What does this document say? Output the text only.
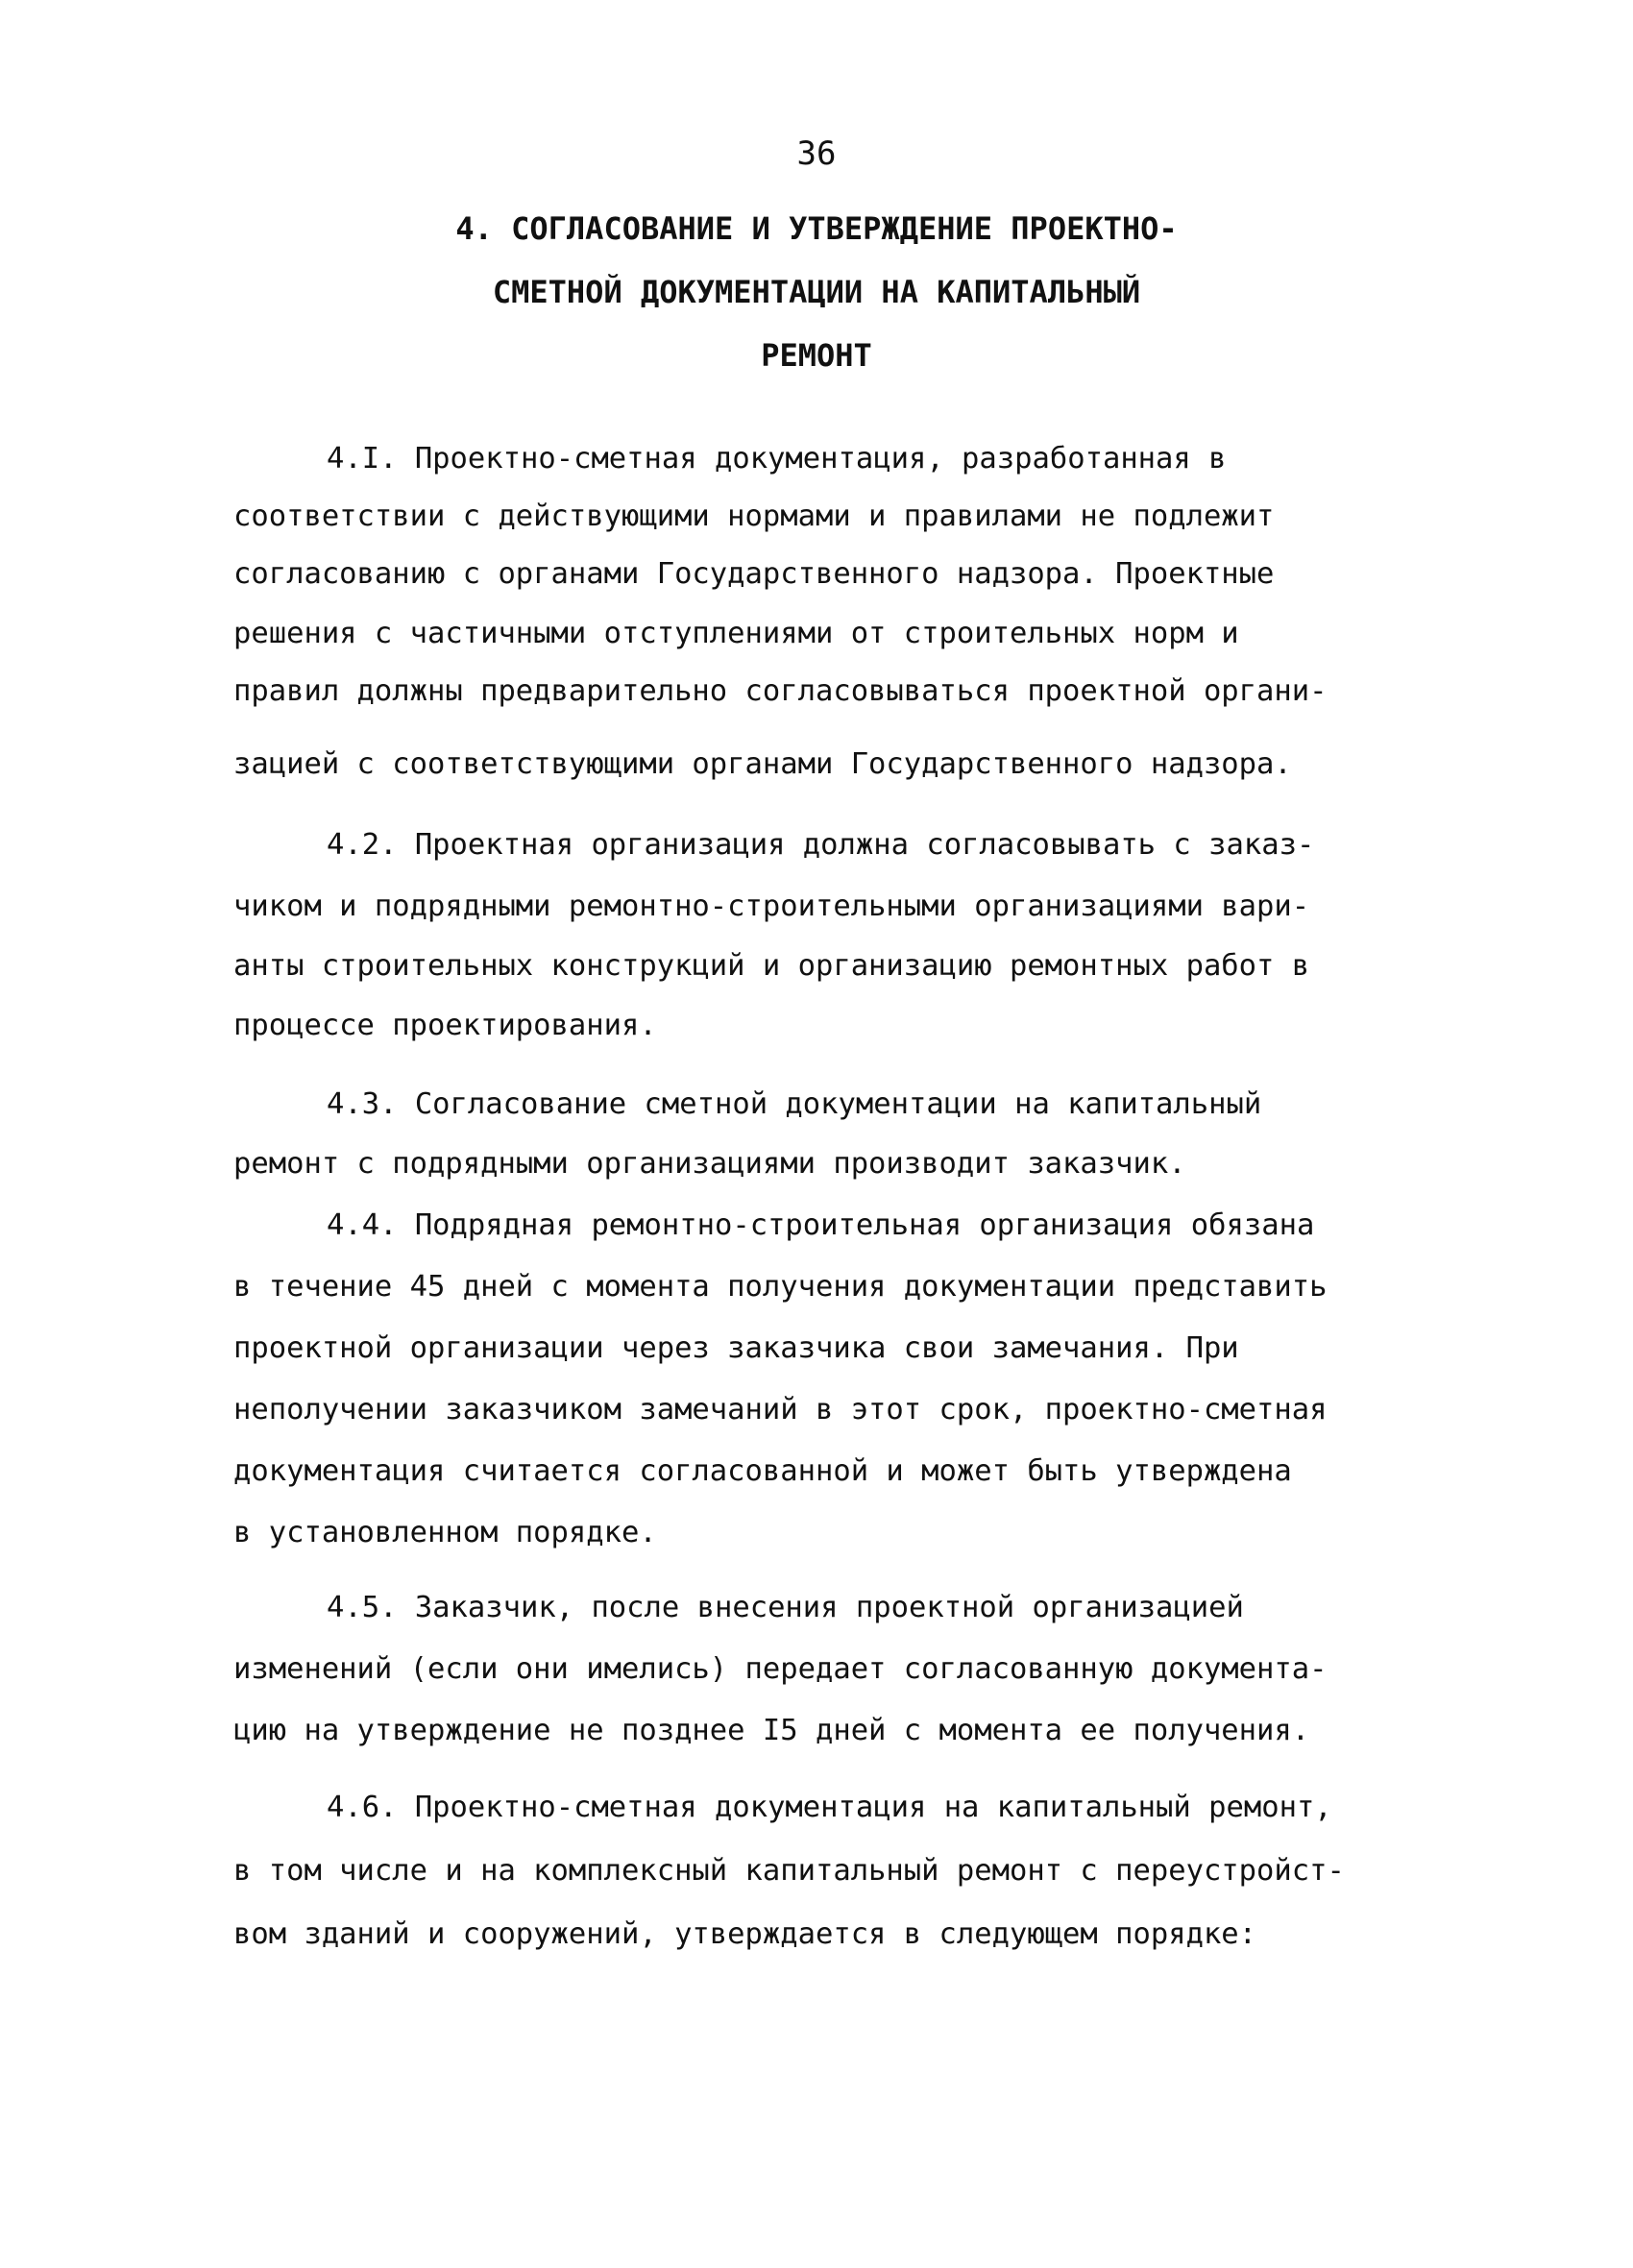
36
4. СОГЛАСОВАНИЕ И УТВЕРЖДЕНИЕ ПРОЕКТНО-
СМЕТНОЙ ДОКУМЕНТАЦИИ НА КАПИТАЛЬНЫЙ
РЕМОНТ
4.I. Проектно-сметная документация, разработанная в
соответствии с действующими нормами и правилами не подлежит
согласованию с органами Государственного надзора. Проектные
решения с частичными отступлениями от строительных норм и
правил должны предварительно согласовываться проектной органи-
зацией с соответствующими органами Государственного надзора.
4.2. Проектная организация должна согласовывать с заказ-
чиком и подрядными ремонтно-строительными организациями вари-
анты строительных конструкций и организацию ремонтных работ в
процессе проектирования.
4.3. Согласование сметной документации на капитальный
ремонт с подрядными организациями производит заказчик.
4.4. Подрядная ремонтно-строительная организация обязана
в течение 45 дней с момента получения документации представить
проектной организации через заказчика свои замечания. При
неполучении заказчиком замечаний в этот срок, проектно-сметная
документация считается согласованной и может быть утверждена
в установленном порядке.
4.5. Заказчик, после внесения проектной организацией
изменений (если они имелись) передает согласованную документа-
цию на утверждение не позднее I5 дней с момента ее получения.
4.6. Проектно-сметная документация на капитальный ремонт,
в том числе и на комплексный капитальный ремонт с переустройст-
вом зданий и сооружений, утверждается в следующем порядке:
